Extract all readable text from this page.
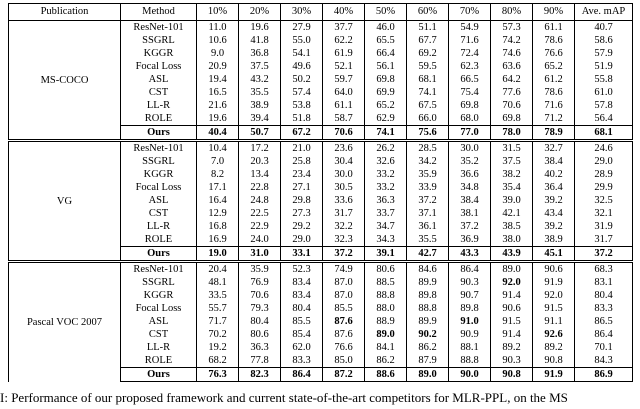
Publication	Method	10%	20%	30%	40%	50%	60%	70%	80%	90%	Ave. mAP
MS-COCO	ResNet-101	11.0	19.6	27.9	37.7	46.0	51.1	54.9	57.3	61.1	40.7
	SSGRL	10.6	41.8	55.0	62.2	65.5	67.7	71.6	74.2	78.6	58.6
	KGGR	9.0	36.8	54.1	61.9	66.4	69.2	72.4	74.6	76.6	57.9
	Focal Loss	20.9	37.5	49.6	52.1	56.1	59.5	62.3	63.6	65.2	51.9
	ASL	19.4	43.2	50.2	59.7	69.8	68.1	66.5	64.2	61.2	55.8
	CST	16.5	35.5	57.4	64.0	69.9	74.1	75.4	77.6	78.6	61.0
	LL-R	21.6	38.9	53.8	61.1	65.2	67.5	69.8	70.6	71.6	57.8
	ROLE	19.6	39.4	51.8	58.7	62.9	66.0	68.0	69.8	71.2	56.4
	Ours	40.4	50.7	67.2	70.6	74.1	75.6	77.0	78.0	78.9	68.1
VG	ResNet-101	10.4	17.2	21.0	23.6	26.2	28.5	30.0	31.5	32.7	24.6
	SSGRL	7.0	20.3	25.8	30.4	32.6	34.2	35.2	37.5	38.4	29.0
	KGGR	8.2	13.4	23.4	30.0	33.2	35.9	36.6	38.2	40.2	28.9
	Focal Loss	17.1	22.8	27.1	30.5	33.2	33.9	34.8	35.4	36.4	29.9
	ASL	16.4	24.8	29.8	33.6	36.3	37.2	38.4	39.0	39.2	32.5
	CST	12.9	22.5	27.3	31.7	33.7	37.1	38.1	42.1	43.4	32.1
	LL-R	16.8	22.9	29.2	32.2	34.7	36.1	37.2	38.5	39.2	31.9
	ROLE	16.9	24.0	29.0	32.3	34.3	35.5	36.9	38.0	38.9	31.7
	Ours	19.0	31.0	33.1	37.2	39.1	42.7	43.3	43.9	45.1	37.2
Pascal VOC 2007	ResNet-101	20.4	35.9	52.3	74.9	80.6	84.6	86.4	89.0	90.6	68.3
	SSGRL	48.1	76.9	83.4	87.0	88.5	89.9	90.3	92.0	91.9	83.1
	KGGR	33.5	70.6	83.4	87.0	88.8	89.8	90.7	91.4	92.0	80.4
	Focal Loss	55.7	79.3	80.4	85.5	88.0	88.8	89.8	90.6	91.5	83.3
	ASL	71.7	80.4	85.5	87.6	88.9	89.9	91.0	91.5	91.1	86.5
	CST	70.2	80.6	85.4	87.6	89.0	90.2	90.9	91.4	92.6	86.4
	LL-R	19.2	36.3	62.0	76.6	84.1	86.2	88.1	89.2	89.2	70.1
	ROLE	68.2	77.8	83.3	85.0	86.2	87.9	88.8	90.3	90.8	84.3
	Ours	76.3	82.3	86.4	87.2	88.6	89.0	90.0	90.8	91.9	86.9
I: Performance of our proposed framework and current state-of-the-art competitors for MLR-PPL, on the MS
